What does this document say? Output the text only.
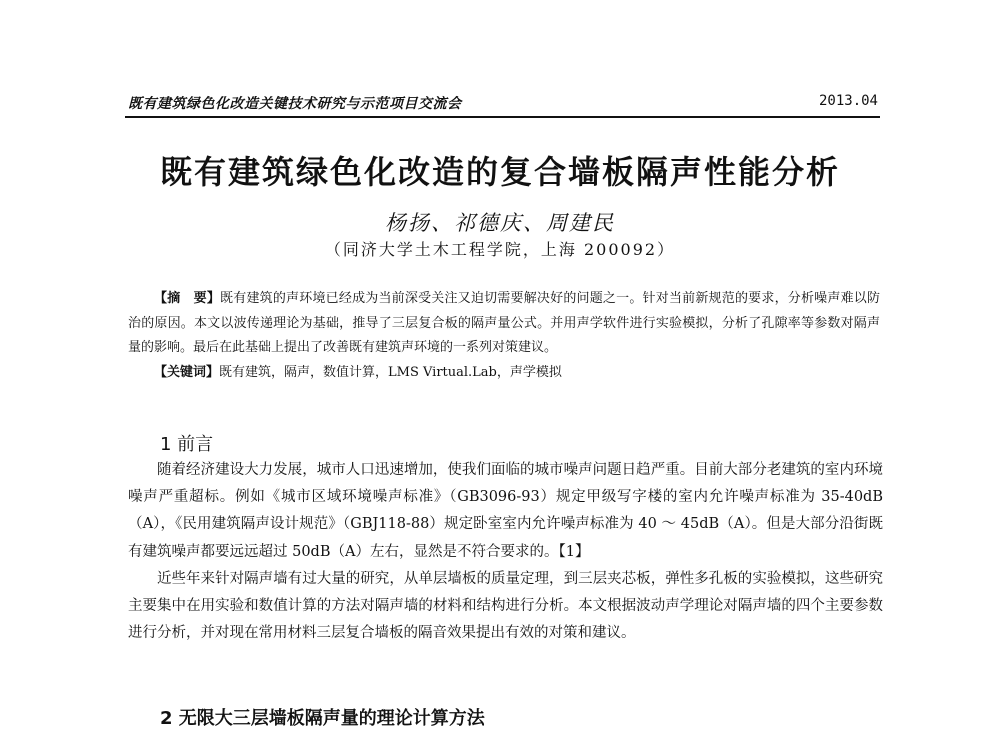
既有建筑绿色化改造关键技术研究与示范项目交流会	2013.04
既有建筑绿色化改造的复合墙板隔声性能分析
杨扬、祁德庆、周建民
（同济大学土木工程学院，上海 200092）

【摘　要】既有建筑的声环境已经成为当前深受关注又迫切需要解决好的问题之一。针对当前新规范的要求，分析噪声难以防治的原因。本文以波传递理论为基础，推导了三层复合板的隔声量公式。并用声学软件进行实验模拟，分析了孔隙率等参数对隔声量的影响。最后在此基础上提出了改善既有建筑声环境的一系列对策建议。

【关键词】既有建筑，隔声，数值计算，LMS Virtual.Lab，声学模拟

1 前言

随着经济建设大力发展，城市人口迅速增加，使我们面临的城市噪声问题日趋严重。目前大部分老建筑的室内环境噪声严重超标。例如《城市区域环境噪声标准》（GB3096-93）规定甲级写字楼的室内允许噪声标准为 35-40dB（A），《民用建筑隔声设计规范》（GBJ118-88）规定卧室室内允许噪声标准为 40 ～ 45dB（A）。但是大部分沿街既有建筑噪声都要远远超过 50dB（A）左右，显然是不符合要求的。【1】

近些年来针对隔声墙有过大量的研究，从单层墙板的质量定理，到三层夹芯板，弹性多孔板的实验模拟，这些研究主要集中在用实验和数值计算的方法对隔声墙的材料和结构进行分析。本文根据波动声学理论对隔声墙的四个主要参数进行分析，并对现在常用材料三层复合墙板的隔音效果提出有效的对策和建议。

2 无限大三层墙板隔声量的理论计算方法
